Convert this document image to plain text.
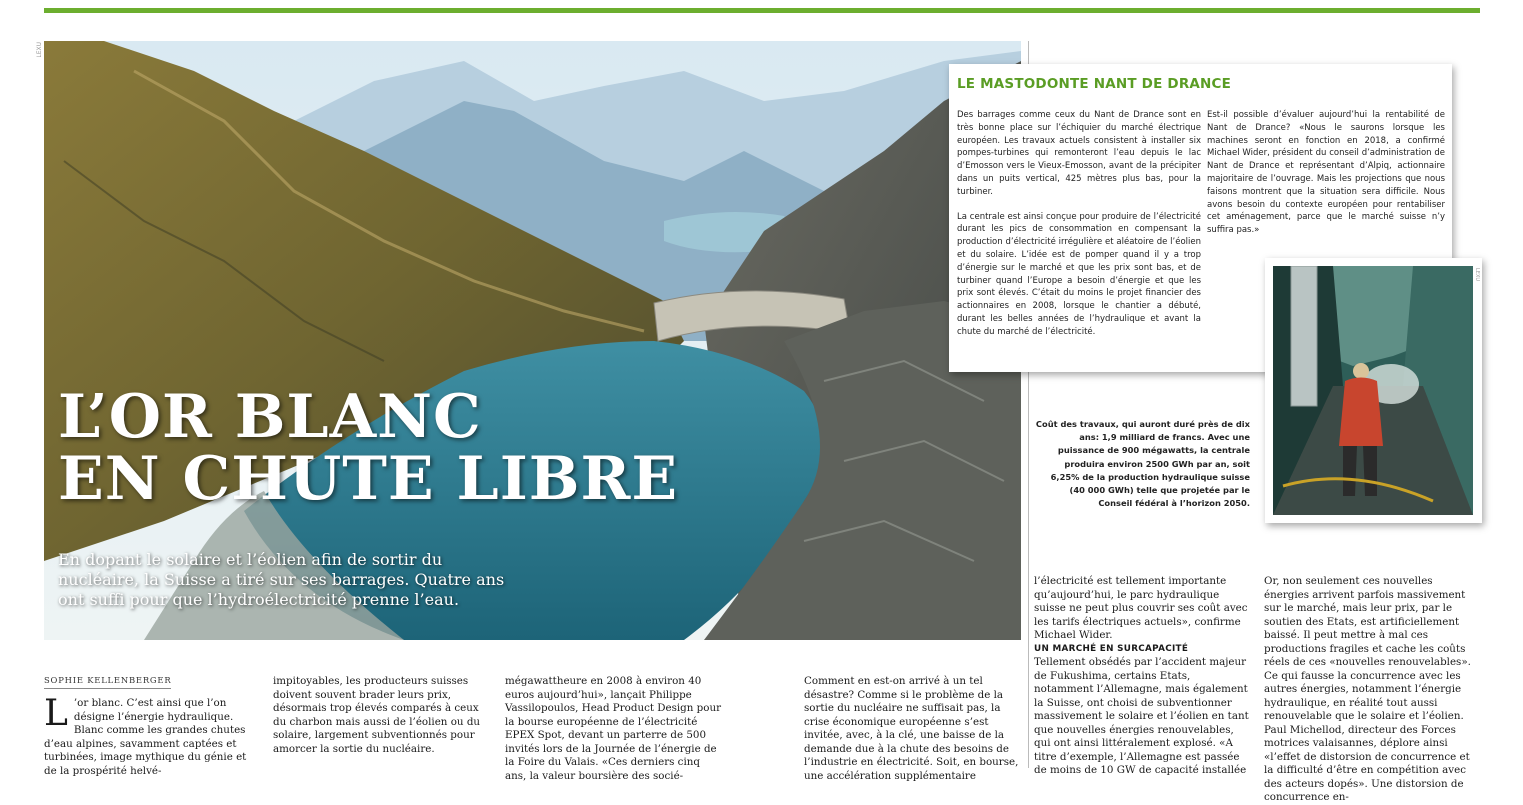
LEXU
L’OR BLANC
EN CHUTE LIBRE

En dopant le solaire et l’éolien afin de sortir du nucléaire, la Suisse a tiré sur ses barrages. Quatre ans ont suffi pour que l’hydroélectricité prenne l’eau.

LE MASTODONTE NANT DE DRANCE

Des barrages comme ceux du Nant de Drance sont en très bonne place sur l’échiquier du marché électrique européen. Les travaux actuels consistent à installer six pompes-turbines qui remonteront l’eau depuis le lac d’Emosson vers le Vieux-Emosson, avant de la précipiter dans un puits vertical, 425 mètres plus bas, pour la turbiner.

La centrale est ainsi conçue pour produire de l’électricité durant les pics de consommation en compensant la production d’électricité irrégulière et aléatoire de l’éolien et du solaire. L’idée est de pomper quand il y a trop d’énergie sur le marché et que les prix sont bas, et de turbiner quand l’Europe a besoin d’énergie et que les prix sont élevés. C’était du moins le projet financier des actionnaires en 2008, lorsque le chantier a débuté, durant les belles années de l’hydraulique et avant la chute du marché de l’électricité.

Est-il possible d’évaluer aujourd’hui la rentabilité de Nant de Drance? «Nous le saurons lorsque les machines seront en fonction en 2018, a confirmé Michael Wider, président du conseil d’administration de Nant de Drance et représentant d’Alpiq, actionnaire majoritaire de l’ouvrage. Mais les projections que nous faisons montrent que la situation sera difficile. Nous avons besoin du contexte européen pour rentabiliser cet aménagement, parce que le marché suisse n’y suffira pas.»

LEXU

Coût des travaux, qui auront duré près de dix ans: 1,9 milliard de francs. Avec une puissance de 900 mégawatts, la centrale produira environ 2500 GWh par an, soit 6,25% de la production hydraulique suisse (40 000 GWh) telle que projetée par le Conseil fédéral à l’horizon 2050.

SOPHIE KELLENBERGER

L ’or blanc. C’est ainsi que l’on désigne l’énergie hydraulique. Blanc comme les grandes chutes d’eau alpines, savamment captées et turbinées, image mythique du génie et de la prospérité helvé-

impitoyables, les producteurs suisses doivent souvent brader leurs prix, désormais trop élevés comparés à ceux du charbon mais aussi de l’éolien ou du solaire, largement subventionnés pour amorcer la sortie du nucléaire.

mégawattheure en 2008 à environ 40 euros aujourd’hui», lançait Philippe Vassilopoulos, Head Product Design pour la bourse européenne de l’électricité EPEX Spot, devant un parterre de 500 invités lors de la Journée de l’énergie de la Foire du Valais. «Ces derniers cinq ans, la valeur boursière des socié-

Comment en est-on arrivé à un tel désastre? Comme si le problème de la sortie du nucléaire ne suffisait pas, la crise économique européenne s’est invitée, avec, à la clé, une baisse de la demande due à la chute des besoins de l’industrie en électricité. Soit, en bourse, une accélération supplémentaire

l’électricité est tellement importante qu’aujourd’hui, le parc hydraulique suisse ne peut plus couvrir ses coût avec les tarifs électriques actuels», confirme Michael Wider.

UN MARCHÉ EN SURCAPACITÉ

Tellement obsédés par l’accident majeur de Fukushima, certains Etats, notamment l’Allemagne, mais également la Suisse, ont choisi de subventionner massivement le solaire et l’éolien en tant que nouvelles énergies renouvelables, qui ont ainsi littéralement explosé. «A titre d’exemple, l’Allemagne est passée de moins de 10 GW de capacité installée

Or, non seulement ces nouvelles énergies arrivent parfois massivement sur le marché, mais leur prix, par le soutien des Etats, est artificiellement baissé. Il peut mettre à mal ces productions fragiles et cache les coûts réels de ces «nouvelles renouvelables». Ce qui fausse la concurrence avec les autres énergies, notamment l’énergie hydraulique, en réalité tout aussi renouvelable que le solaire et l’éolien. Paul Michellod, directeur des Forces motrices valaisannes, déplore ainsi «l’effet de distorsion de concurrence et la difficulté d’être en compétition avec des acteurs dopés». Une distorsion de concurrence en-
